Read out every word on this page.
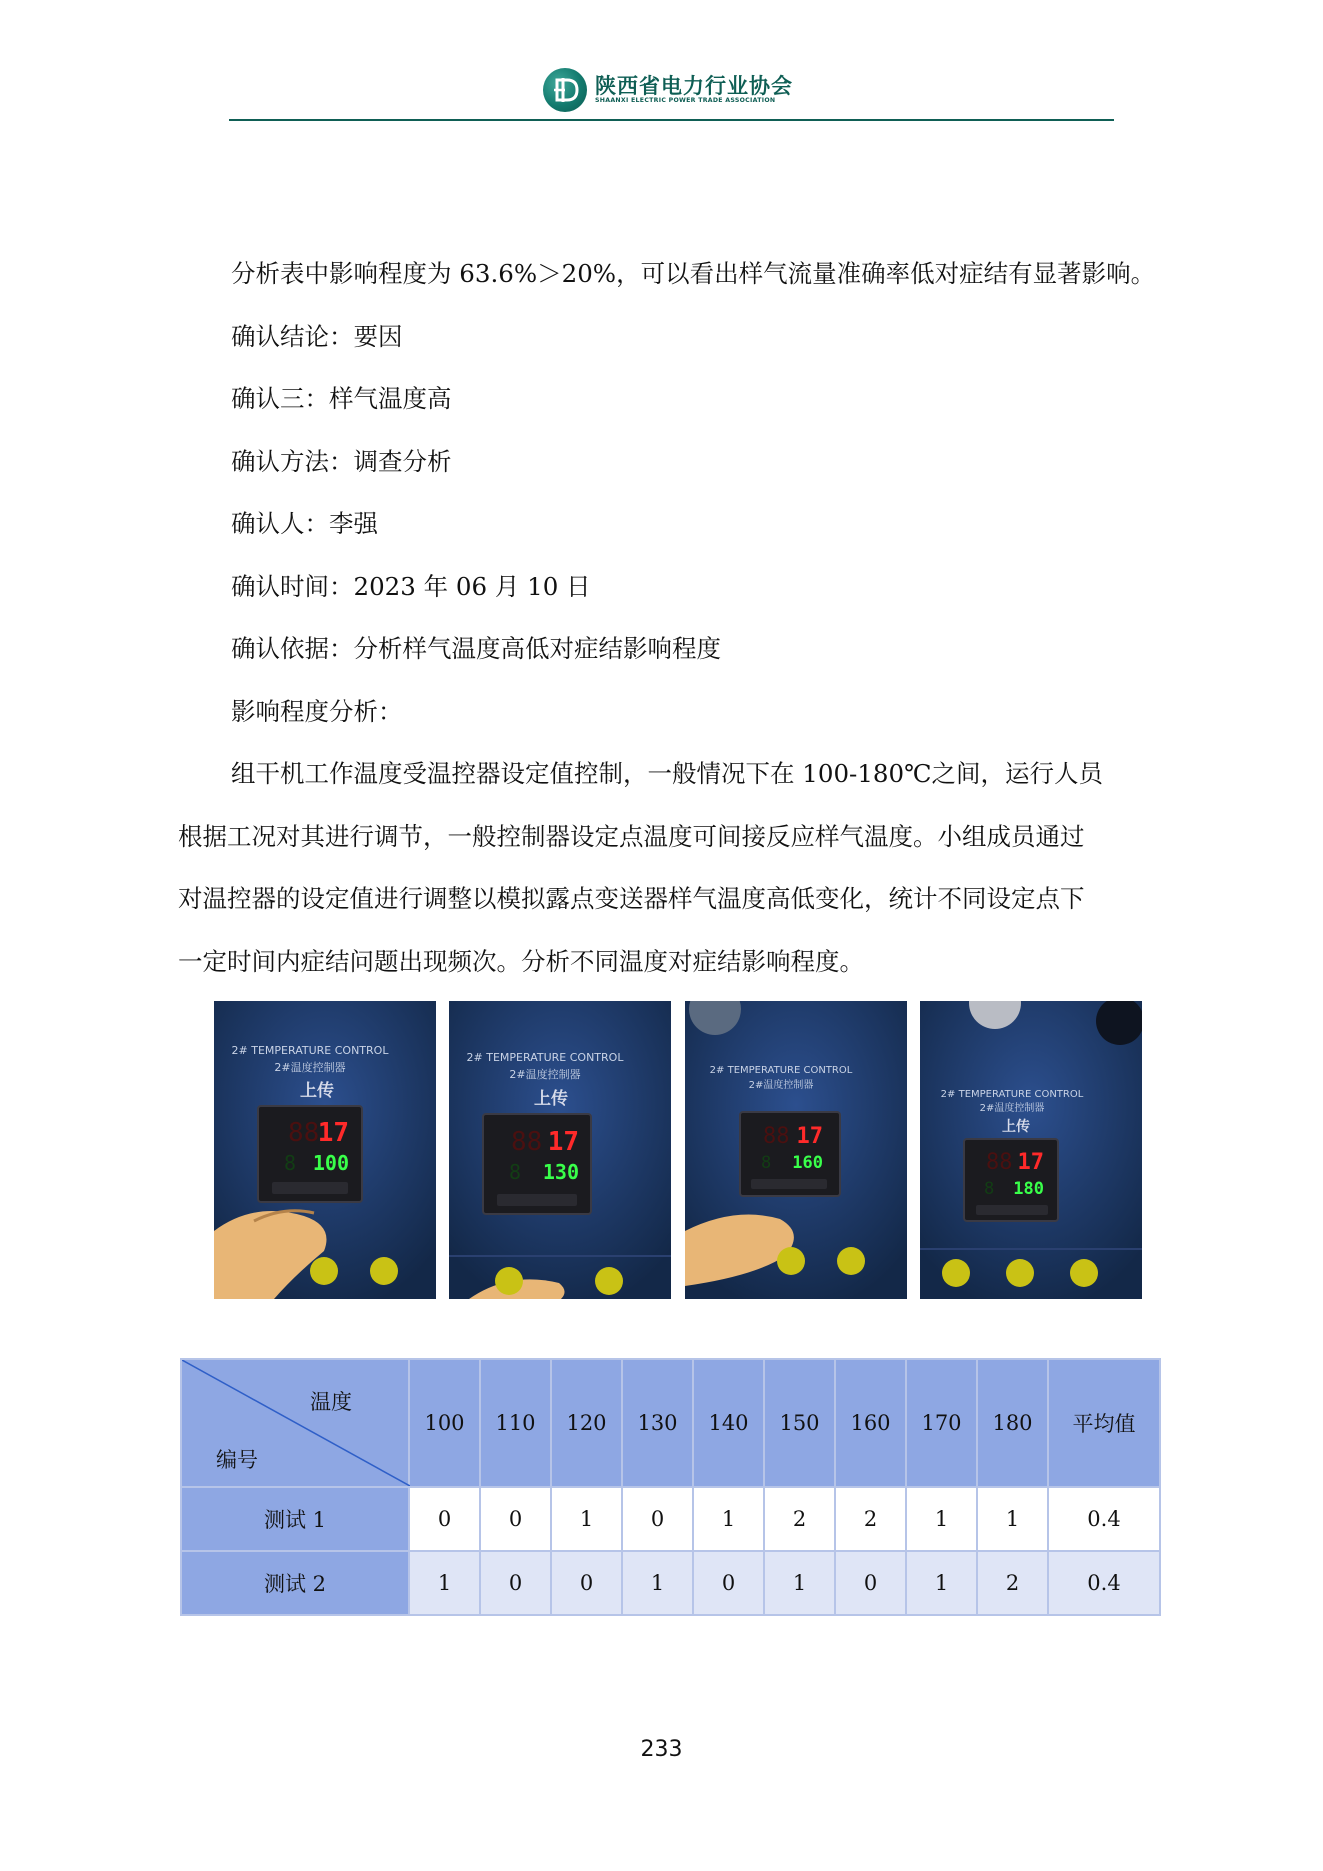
陕西省电力行业协会
SHAANXI ELECTRIC POWER TRADE ASSOCIATION
分析表中影响程度为 63.6%＞20%，可以看出样气流量准确率低对症结有显著影响。
确认结论：要因
确认三：样气温度高
确认方法：调查分析
确认人：李强
确认时间：2023 年 06 月 10 日
确认依据：分析样气温度高低对症结影响程度
影响程度分析：
组干机工作温度受温控器设定值控制，一般情况下在 100-180℃之间，运行人员
根据工况对其进行调节，一般控制器设定点温度可间接反应样气温度。小组成员通过
对温控器的设定值进行调整以模拟露点变送器样气温度高低变化，统计不同设定点下
一定时间内症结问题出现频次。分析不同温度对症结影响程度。
2# TEMPERATURE CONTROL
2#温度控制器
上传
88
17
8 100
2# TEMPERATURE CONTROL
2#温度控制器
上传
88 17
8 130
2# TEMPERATURE CONTROL
2#温度控制器
88 17
8 160
2# TEMPERATURE CONTROL
2#温度控制器
上传
88 17
8 180
温度
编号	100	110	120	130	140	150	160	170	180	平均值
测试 1	0	0	1	0	1	2	2	1	1	0.4
测试 2	1	0	0	1	0	1	0	1	2	0.4
233
